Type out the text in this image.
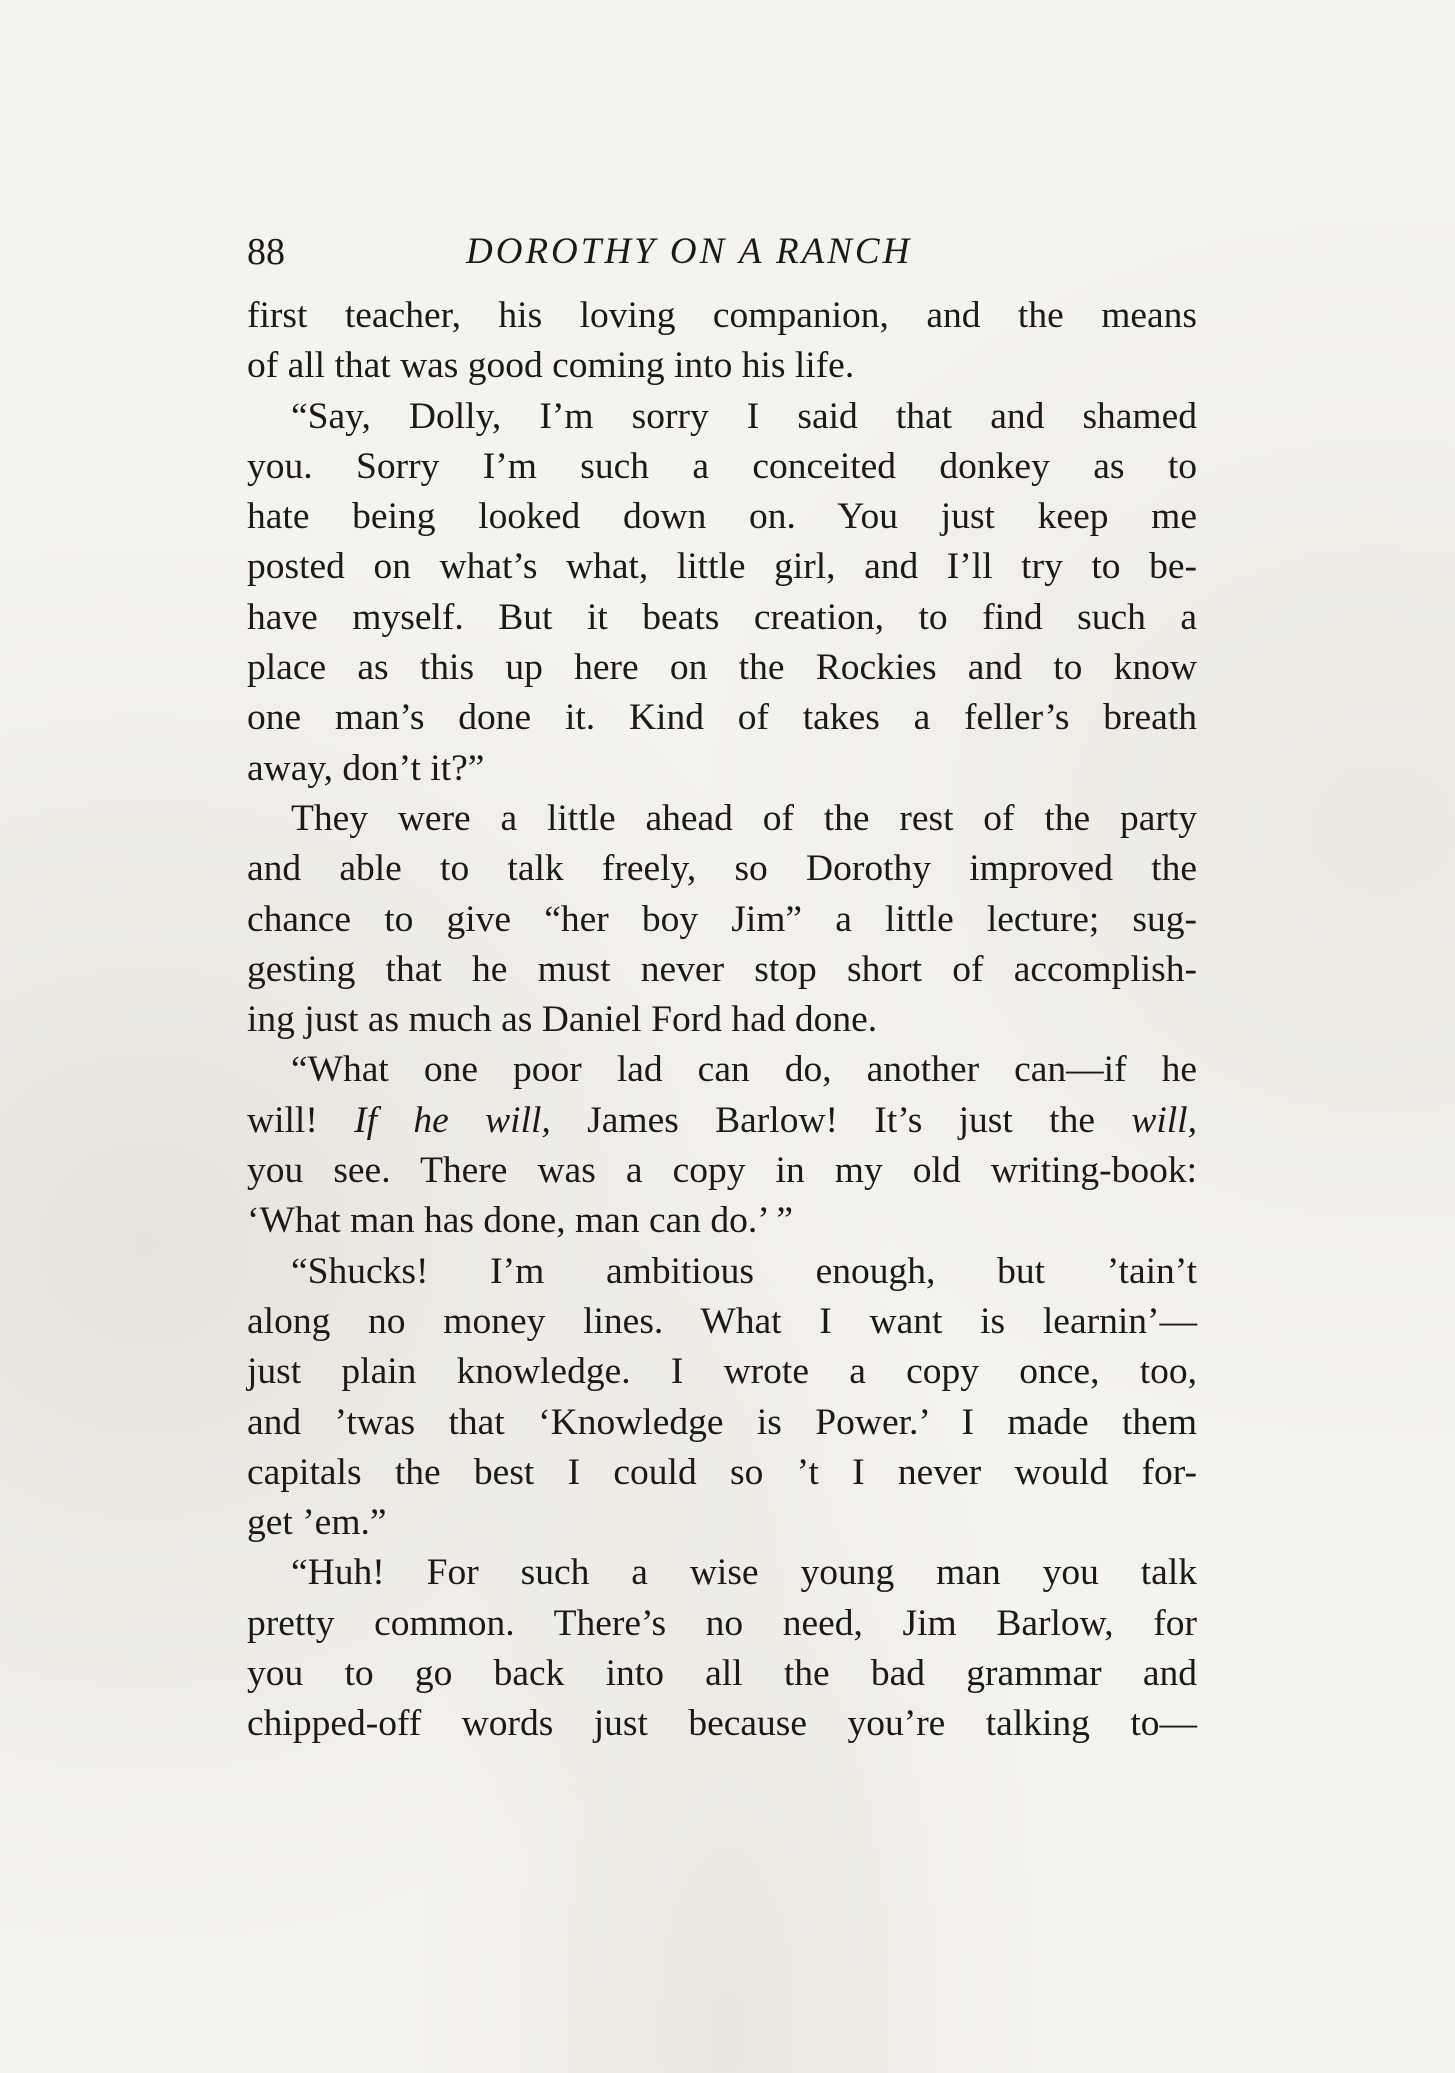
88	DOROTHY ON A RANCH
first teacher, his loving companion, and the means
of all that was good coming into his life.
“Say, Dolly, I’m sorry I said that and shamed
you. Sorry I’m such a conceited donkey as to
hate being looked down on. You just keep me
posted on what’s what, little girl, and I’ll try to be-
have myself. But it beats creation, to find such a
place as this up here on the Rockies and to know
one man’s done it. Kind of takes a feller’s breath
away, don’t it?”
They were a little ahead of the rest of the party
and able to talk freely, so Dorothy improved the
chance to give “her boy Jim” a little lecture; sug-
gesting that he must never stop short of accomplish-
ing just as much as Daniel Ford had done.
“What one poor lad can do, another can—if he
will! If he will, James Barlow! It’s just the will,
you see. There was a copy in my old writing-book:
‘What man has done, man can do.’ ”
“Shucks! I’m ambitious enough, but ’tain’t
along no money lines. What I want is learnin’—
just plain knowledge. I wrote a copy once, too,
and ’twas that ‘Knowledge is Power.’ I made them
capitals the best I could so ’t I never would for-
get ’em.”
“Huh! For such a wise young man you talk
pretty common. There’s no need, Jim Barlow, for
you to go back into all the bad grammar and
chipped-off words just because you’re talking to—
